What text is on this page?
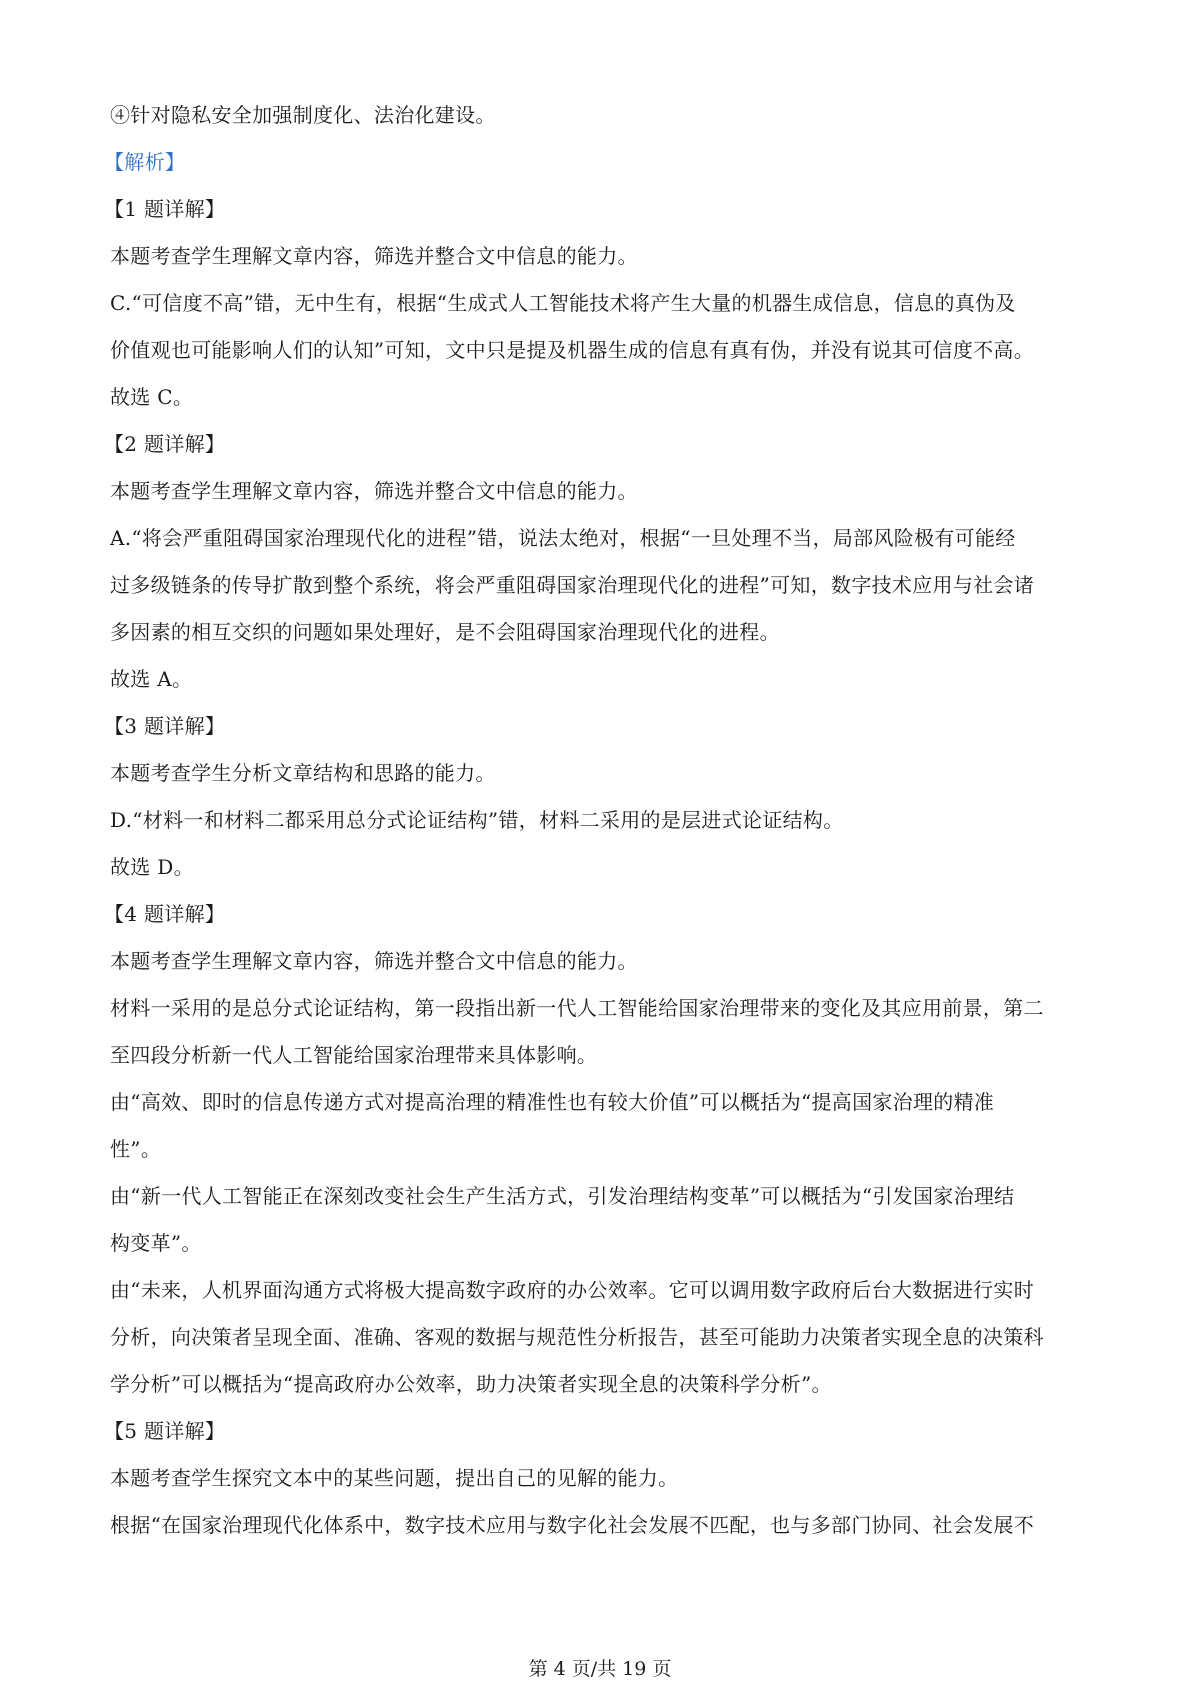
④针对隐私安全加强制度化、法治化建设。
【解析】
【1 题详解】
本题考查学生理解文章内容，筛选并整合文中信息的能力。
C.“可信度不高”错，无中生有，根据“生成式人工智能技术将产生大量的机器生成信息，信息的真伪及
价值观也可能影响人们的认知”可知，文中只是提及机器生成的信息有真有伪，并没有说其可信度不高。
故选 C。
【2 题详解】
本题考查学生理解文章内容，筛选并整合文中信息的能力。
A.“将会严重阻碍国家治理现代化的进程”错，说法太绝对，根据“一旦处理不当，局部风险极有可能经
过多级链条的传导扩散到整个系统，将会严重阻碍国家治理现代化的进程”可知，数字技术应用与社会诸
多因素的相互交织的问题如果处理好，是不会阻碍国家治理现代化的进程。
故选 A。
【3 题详解】
本题考查学生分析文章结构和思路的能力。
D.“材料一和材料二都采用总分式论证结构”错，材料二采用的是层进式论证结构。
故选 D。
【4 题详解】
本题考查学生理解文章内容，筛选并整合文中信息的能力。
材料一采用的是总分式论证结构，第一段指出新一代人工智能给国家治理带来的变化及其应用前景，第二
至四段分析新一代人工智能给国家治理带来具体影响。
由“高效、即时的信息传递方式对提高治理的精准性也有较大价值”可以概括为“提高国家治理的精准
性”。
由“新一代人工智能正在深刻改变社会生产生活方式，引发治理结构变革”可以概括为“引发国家治理结
构变革”。
由“未来，人机界面沟通方式将极大提高数字政府的办公效率。它可以调用数字政府后台大数据进行实时
分析，向决策者呈现全面、准确、客观的数据与规范性分析报告，甚至可能助力决策者实现全息的决策科
学分析”可以概括为“提高政府办公效率，助力决策者实现全息的决策科学分析”。
【5 题详解】
本题考查学生探究文本中的某些问题，提出自己的见解的能力。
根据“在国家治理现代化体系中，数字技术应用与数字化社会发展不匹配，也与多部门协同、社会发展不
第 4 页/共 19 页
